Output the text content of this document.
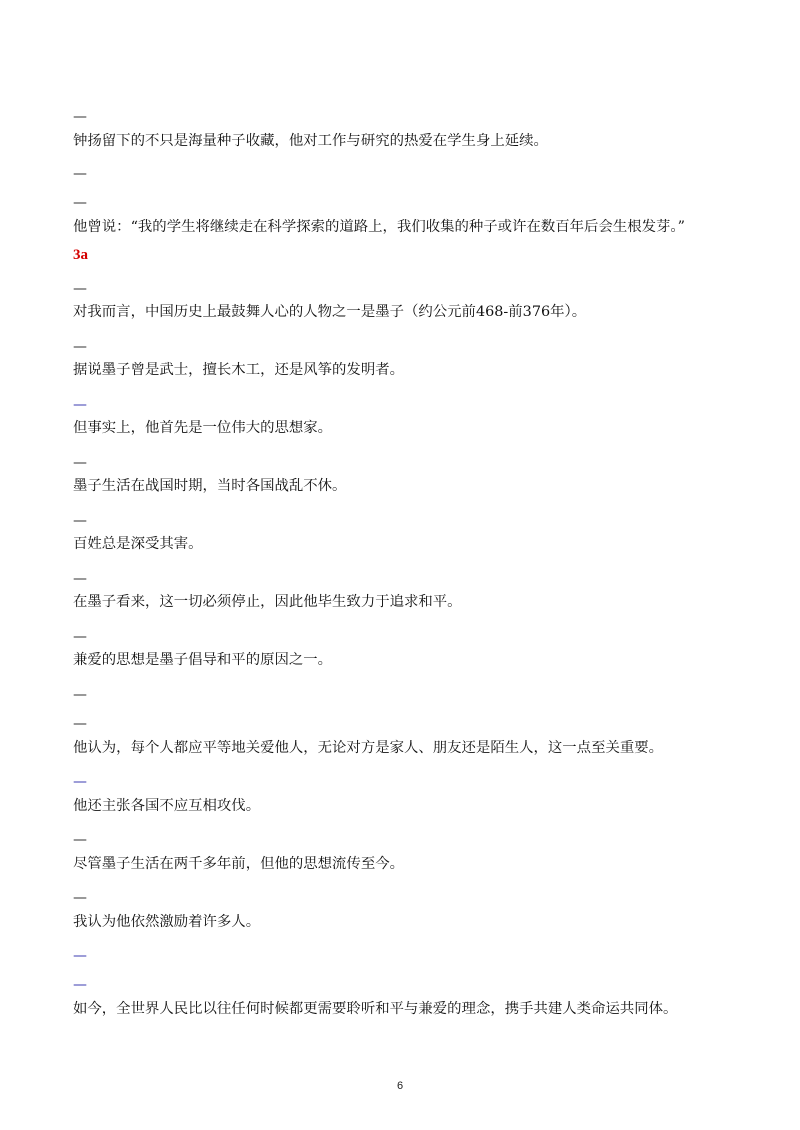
—
钟扬留下的不只是海量种子收藏，他对工作与研究的热爱在学生身上延续。
—
—
他曾说：“我的学生将继续走在科学探索的道路上，我们收集的种子或许在数百年后会生根发芽。”
3a
—
对我而言，中国历史上最鼓舞人心的人物之一是墨子（约公元前468-前376年）。
—
据说墨子曾是武士，擅长木工，还是风筝的发明者。
—
但事实上，他首先是一位伟大的思想家。
—
墨子生活在战国时期，当时各国战乱不休。
—
百姓总是深受其害。
—
在墨子看来，这一切必须停止，因此他毕生致力于追求和平。
—
兼爱的思想是墨子倡导和平的原因之一。
—
—
他认为，每个人都应平等地关爱他人，无论对方是家人、朋友还是陌生人，这一点至关重要。
—
他还主张各国不应互相攻伐。
—
尽管墨子生活在两千多年前，但他的思想流传至今。
—
我认为他依然激励着许多人。
—
—
如今，全世界人民比以往任何时候都更需要聆听和平与兼爱的理念，携手共建人类命运共同体。
6
